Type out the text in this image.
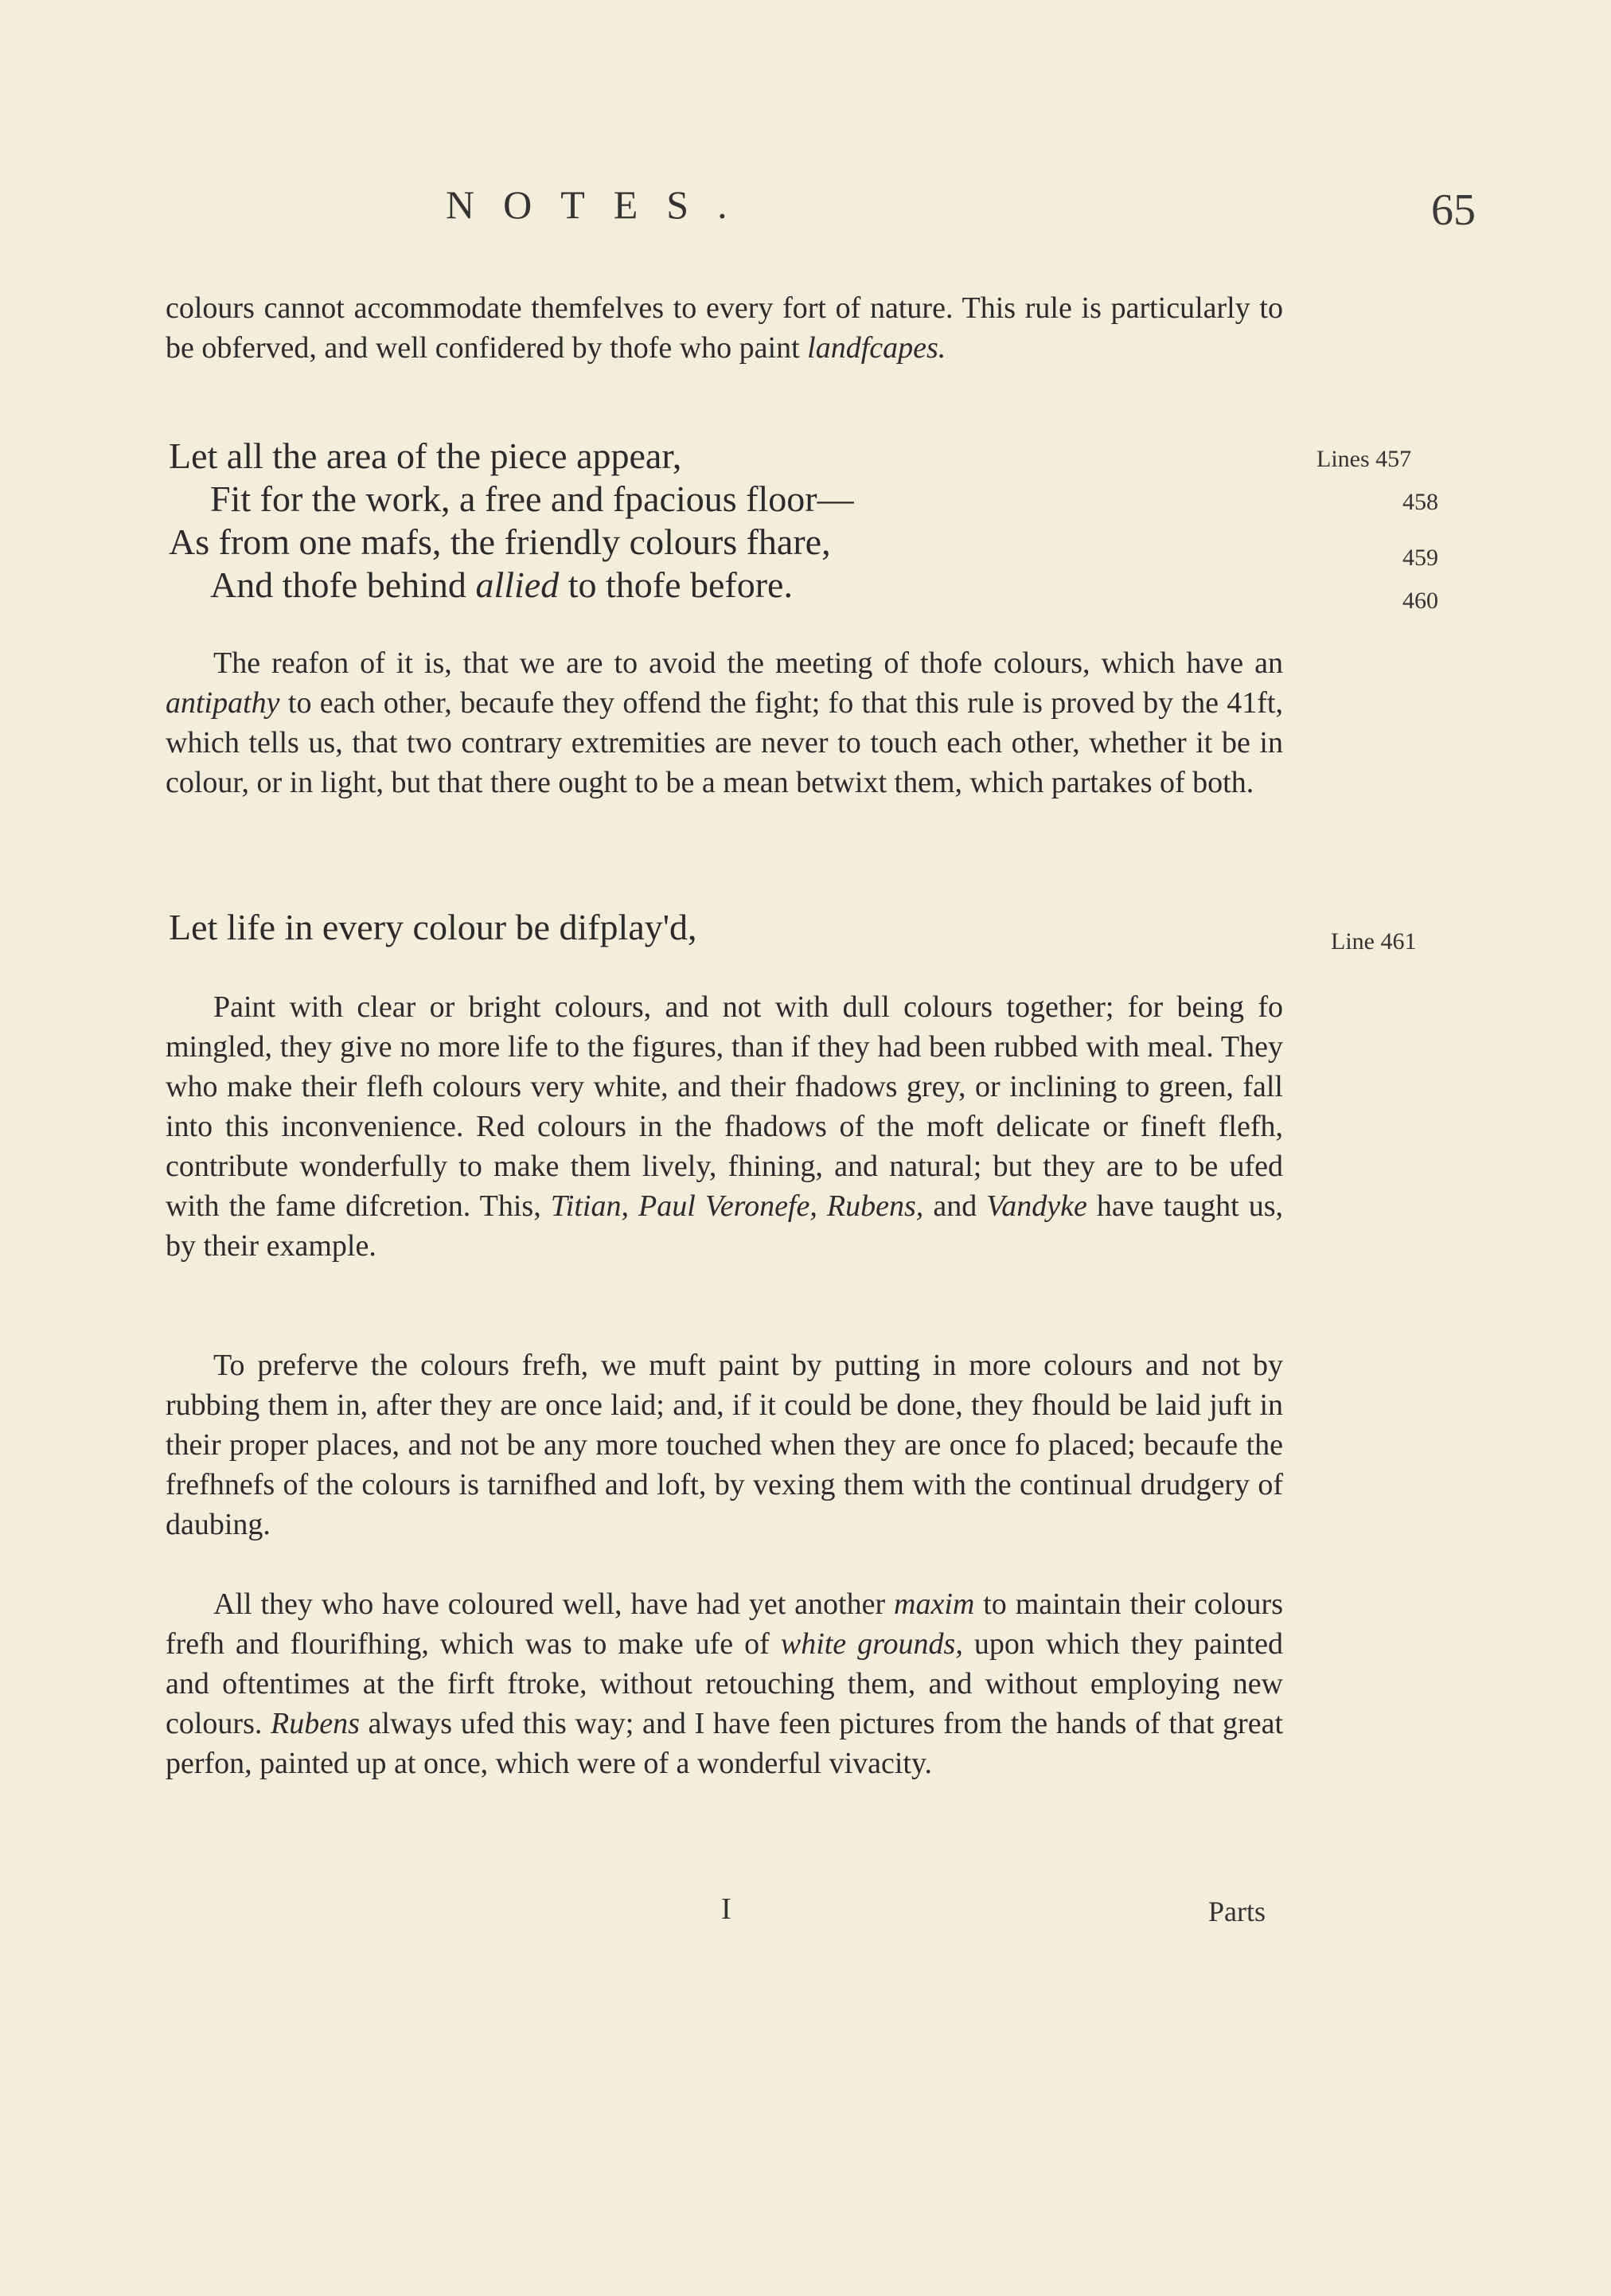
NOTES.	65

colours cannot accommodate themfelves to every fort of nature. This rule is particularly to be obferved, and well confidered by thofe who paint landfcapes.

Let all the area of the piece appear,

Fit for the work, a free and fpacious floor—

As from one mafs, the friendly colours fhare,

And thofe behind allied to thofe before.

Lines 457
458
459
460

The reafon of it is, that we are to avoid the meeting of thofe colours, which have an antipathy to each other, becaufe they offend the fight; fo that this rule is proved by the 41ft, which tells us, that two contrary extremities are never to touch each other, whether it be in colour, or in light, but that there ought to be a mean betwixt them, which partakes of both.

Let life in every colour be difplay'd,	Line 461

Paint with clear or bright colours, and not with dull colours together; for being fo mingled, they give no more life to the figures, than if they had been rubbed with meal. They who make their flefh colours very white, and their fhadows grey, or inclining to green, fall into this inconvenience. Red colours in the fhadows of the moft delicate or fineft flefh, contribute wonderfully to make them lively, fhining, and natural; but they are to be ufed with the fame difcretion. This, Titian, Paul Veronefe, Rubens, and Vandyke have taught us, by their example.

To preferve the colours frefh, we muft paint by putting in more colours and not by rubbing them in, after they are once laid; and, if it could be done, they fhould be laid juft in their proper places, and not be any more touched when they are once fo placed; becaufe the frefhnefs of the colours is tarnifhed and loft, by vexing them with the continual drudgery of daubing.

All they who have coloured well, have had yet another maxim to maintain their colours frefh and flourifhing, which was to make ufe of white grounds, upon which they painted and oftentimes at the firft ftroke, without retouching them, and without employing new colours. Rubens always ufed this way; and I have feen pictures from the hands of that great perfon, painted up at once, which were of a wonderful vivacity.

I	Parts
